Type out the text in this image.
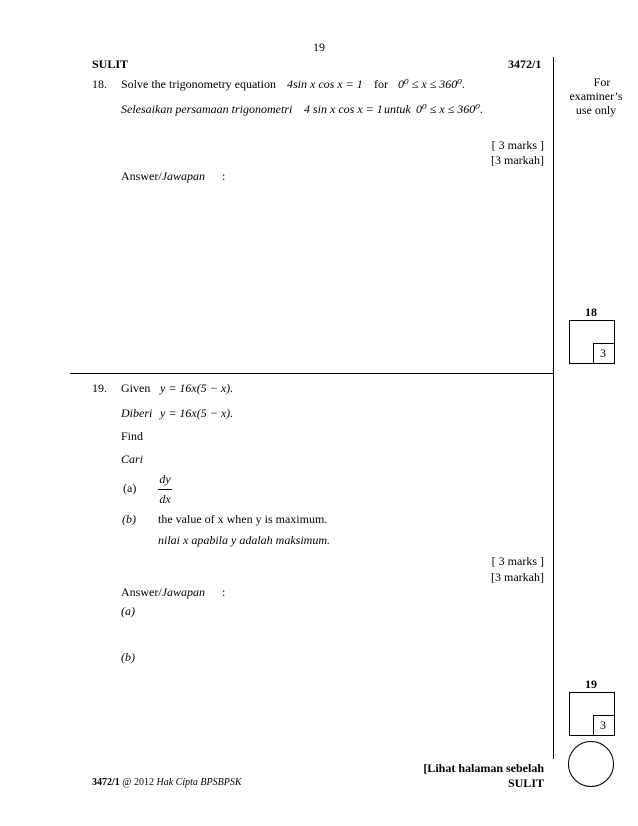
19
SULIT	3472/1
For
examiner’s
use only
18. Solve the trigonometry equation 4sin x cos x = 1 for 0⁰ ≤ x ≤ 360⁰.
Selesaikan persamaan trigonometri 4 sin x cos x = 1 untuk 0⁰ ≤ x ≤ 360⁰.
[ 3 marks ]
[3 markah]
Answer/Jawapan :
18
3
19. Given y = 16x(5 − x).
Diberi y = 16x(5 − x).
Find
Cari
(a)
dy
dx
(b) the value of x when y is maximum.
nilai x apabila y adalah maksimum.
[ 3 marks ]
[3 markah]
Answer/Jawapan :
(a)
(b)
19
3
[Lihat halaman sebelah
SULIT
3472/1 @ 2012 Hak Cipta BPSBPSK
